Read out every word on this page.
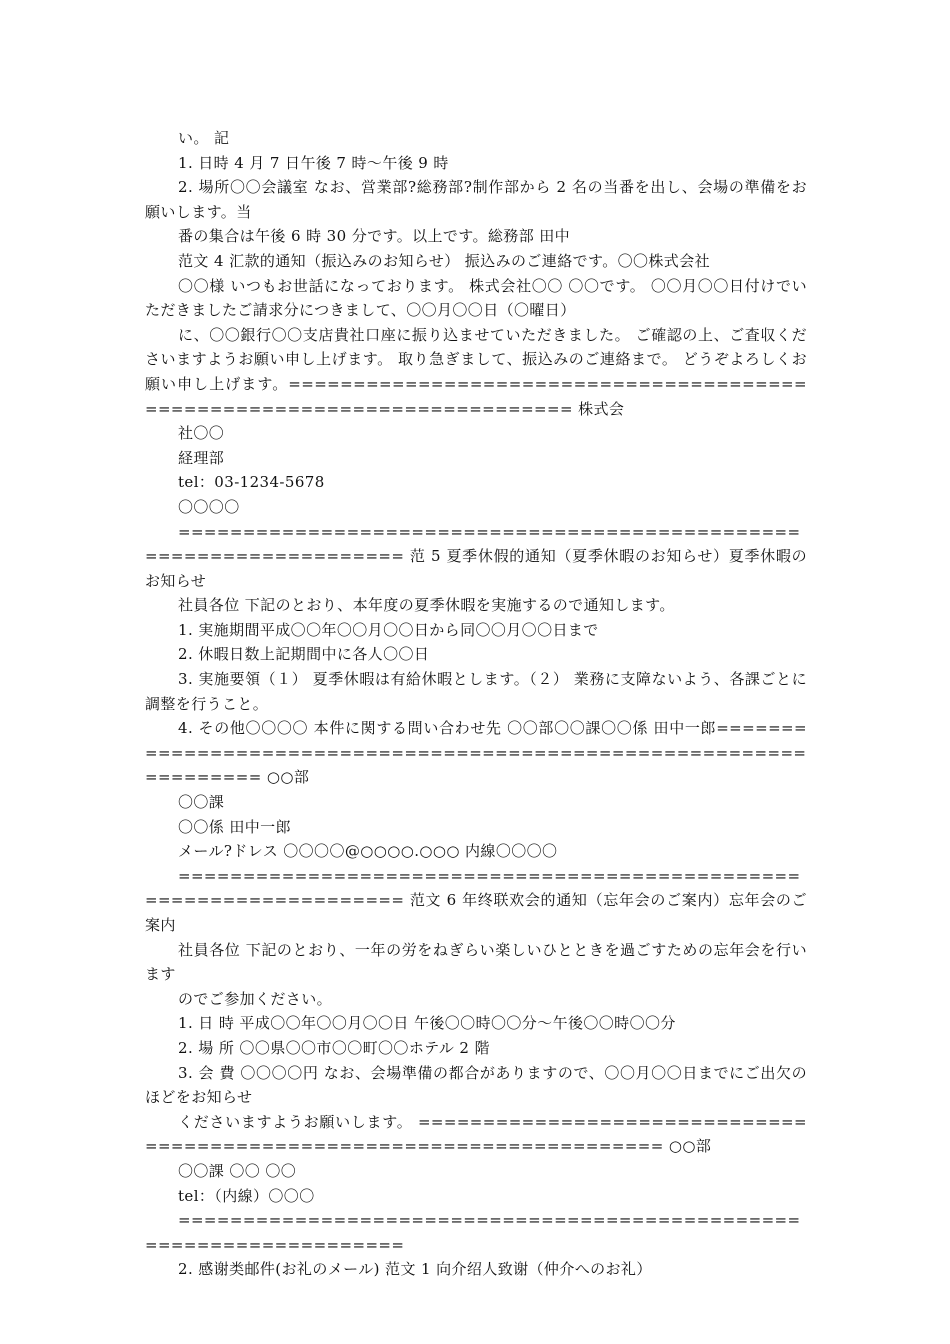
い。 記

1. 日時 4 月 7 日午後 7 時～午後 9 時

2. 場所〇〇会議室 なお、営業部?総務部?制作部から 2 名の当番を出し、会場の準備をお願いします。当

番の集合は午後 6 時 30 分です。以上です。総務部 田中

范文 4 汇款的通知（振込みのお知らせ） 振込みのご連絡です。〇〇株式会社

〇〇様 いつもお世話になっております。 株式会社〇〇 〇〇です。 〇〇月〇〇日付けでいただきましたご請求分につきまして、〇〇月〇〇日（〇曜日）

に、〇〇銀行〇〇支店貴社口座に振り込ませていただきました。 ご確認の上、ご査収くださいますようお願い申し上げます。 取り急ぎまして、振込みのご連絡まで。 どうぞよろしくお願い申し上げます。========================================================================= 株式会

社〇〇

経理部

tel：03-1234-5678

〇〇〇〇

==================================================================== 范 5 夏季休假的通知（夏季休暇のお知らせ）夏季休暇のお知らせ

社員各位 下記のとおり、本年度の夏季休暇を実施するので通知します。

1. 実施期間平成〇〇年〇〇月〇〇日から同〇〇月〇〇日まで

2. 休暇日数上記期間中に各人〇〇日

3. 実施要領（１） 夏季休暇は有給休暇とします。（２） 業務に支障ないよう、各課ごとに調整を行うこと。

4. その他〇〇〇〇 本件に関する問い合わせ先 〇〇部〇〇課〇〇係 田中一郎=================================================================== ○○部

〇〇課

〇〇係 田中一郎

メール?ドレス 〇〇〇〇@○○○○.○○○ 内線〇〇〇〇

==================================================================== 范文 6 年终联欢会的通知（忘年会のご案内）忘年会のご案内

社員各位 下記のとおり、一年の労をねぎらい楽しいひとときを過ごすための忘年会を行います

のでご参加ください。

1. 日 時 平成〇〇年〇〇月〇〇日 午後〇〇時〇〇分～午後〇〇時〇〇分

2. 場 所 〇〇県〇〇市〇〇町〇〇ホテル 2 階

3. 会 費 〇〇〇〇円 なお、会場準備の都合がありますので、〇〇月〇〇日までにご出欠のほどをお知らせ

くださいますようお願いします。 ====================================================================== ○○部

〇〇課 〇〇 〇〇

tel：（内線）〇〇〇

====================================================================

2. 感谢类邮件(お礼のメール) 范文 1 向介绍人致谢（仲介へのお礼）
